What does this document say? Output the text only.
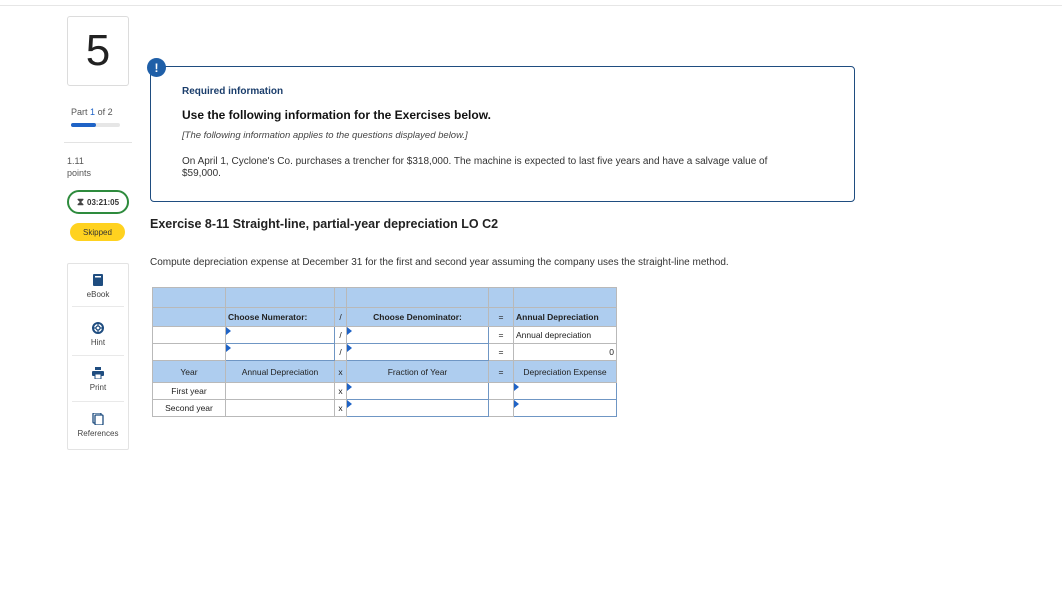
5
Part 1 of 2
1.11
points
⧗ 03:21:05
Skipped
eBook
Hint
Print
References
!
Required information
Use the following information for the Exercises below.
[The following information applies to the questions displayed below.]
On April 1, Cyclone's Co. purchases a trencher for $318,000. The machine is expected to last five years and have a salvage value of $59,000.
Exercise 8-11 Straight-line, partial-year depreciation LO C2
Compute depreciation expense at December 31 for the first and second year assuming the company uses the straight-line method.

	Choose Numerator:	/	Choose Denominator:	=	Annual Depreciation
		/		=	Annual depreciation
		/		=	0
Year	Annual Depreciation	x	Fraction of Year	=	Depreciation Expense
First year		x			
Second year		x			
